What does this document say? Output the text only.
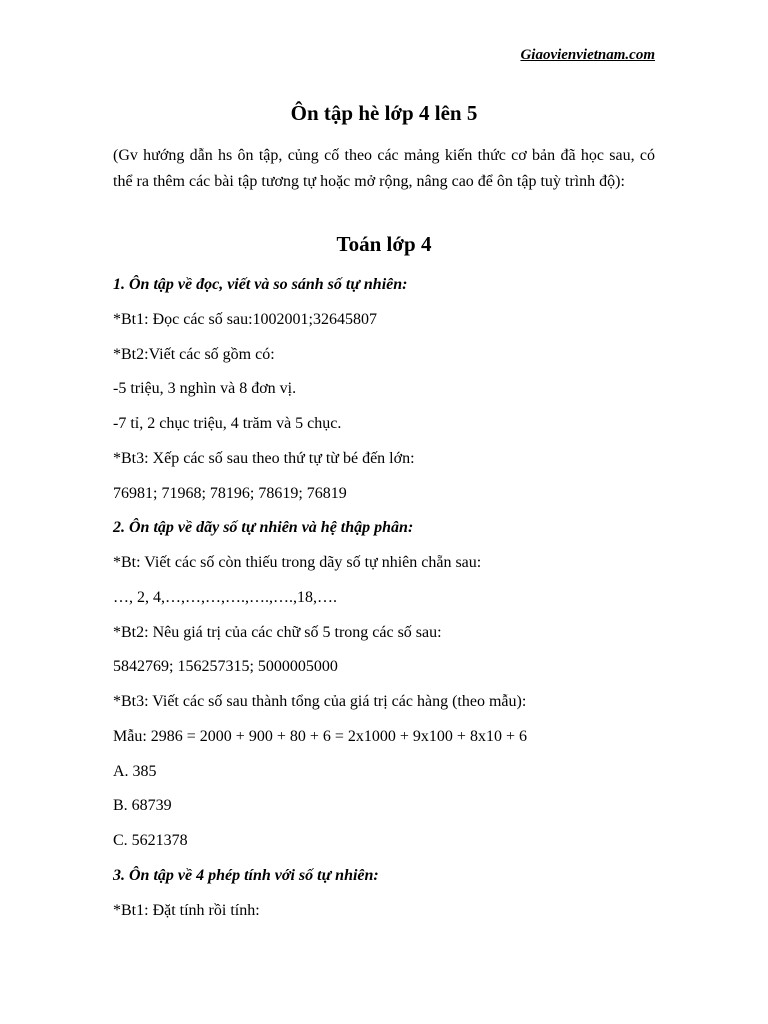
Giaovienvietnam.com
Ôn tập hè lớp 4 lên 5
(Gv hướng dẫn hs ôn tập, củng cố theo các mảng kiến thức cơ bản đã học sau, có thể ra thêm các bài tập tương tự hoặc mở rộng, nâng cao để ôn tập tuỳ trình độ):
Toán lớp 4
1. Ôn tập về đọc, viết và so sánh số tự nhiên:
*Bt1: Đọc các số sau:1002001;32645807
*Bt2:Viết các số gồm có:
-5 triệu, 3 nghìn và 8 đơn vị.
-7 tỉ, 2 chục triệu, 4 trăm và 5 chục.
*Bt3: Xếp các số sau theo thứ tự từ bé đến lớn:
76981; 71968; 78196; 78619; 76819
2. Ôn tập về dãy số tự nhiên và hệ thập phân:
*Bt: Viết các số còn thiếu trong dãy số tự nhiên chẵn sau:
…, 2, 4,…,…,…,….,….,….,18,….
*Bt2: Nêu giá trị của các chữ số 5 trong các số sau:
5842769; 156257315; 5000005000
*Bt3: Viết các số sau thành tổng của giá trị các hàng (theo mẫu):
Mẫu: 2986 = 2000 + 900 + 80 + 6 = 2x1000 + 9x100 + 8x10 + 6
A. 385
B. 68739
C. 5621378
3. Ôn tập về 4 phép tính với số tự nhiên:
*Bt1: Đặt tính rồi tính:
